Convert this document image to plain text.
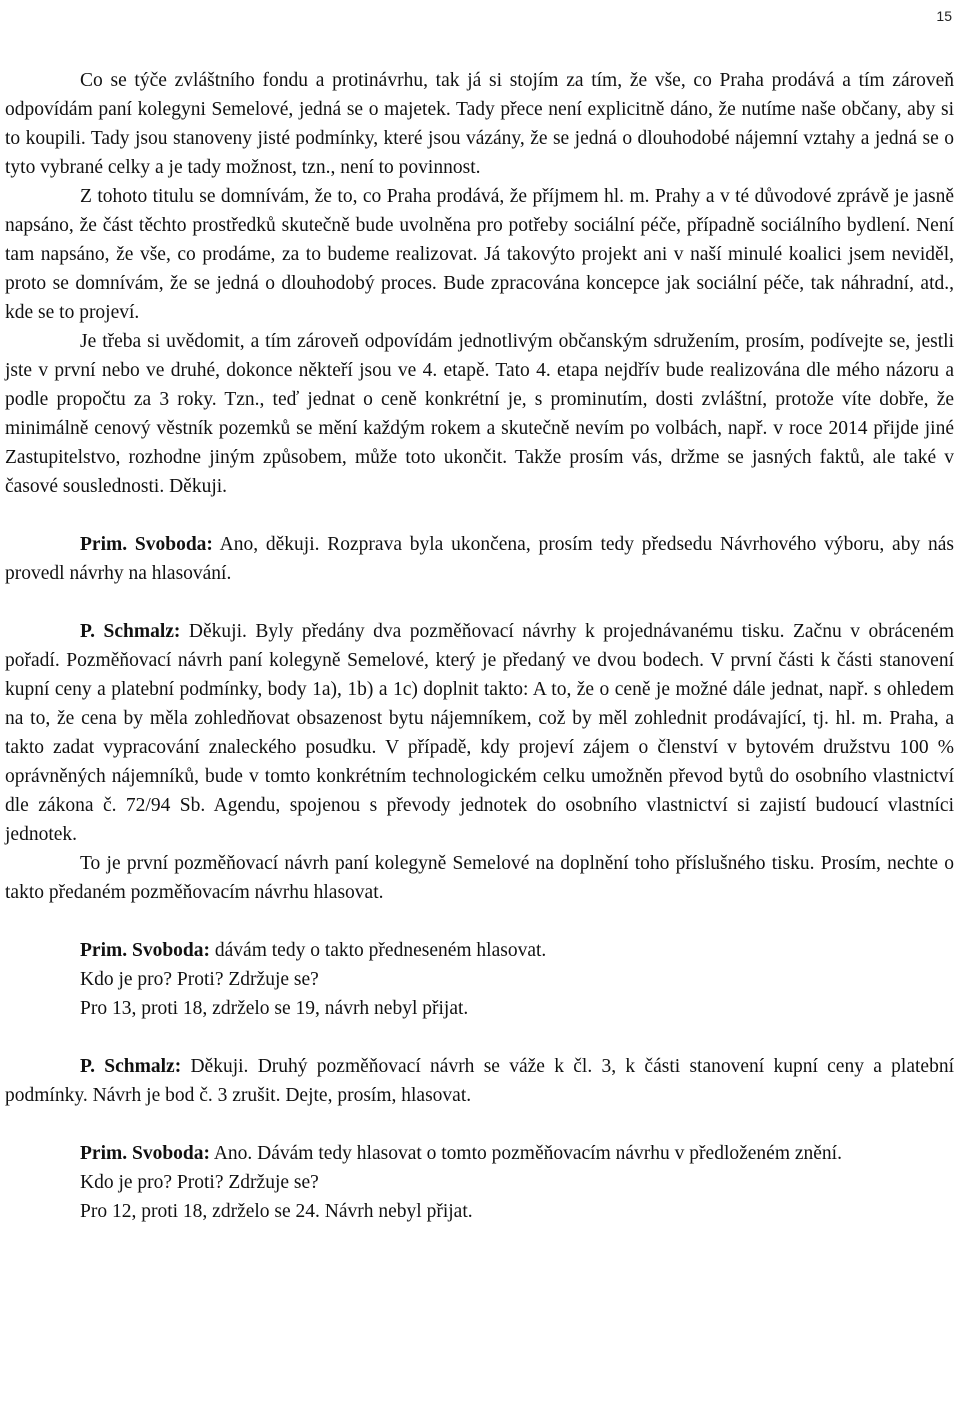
15

Co se týče zvláštního fondu a protinávrhu, tak já si stojím za tím, že vše, co Praha prodává a tím zároveň odpovídám paní kolegyni Semelové, jedná se o majetek. Tady přece není explicitně dáno, že nutíme naše občany, aby si to koupili. Tady jsou stanoveny jisté podmínky, které jsou vázány, že se jedná o dlouhodobé nájemní vztahy a jedná se o tyto vybrané celky a je tady možnost, tzn., není to povinnost.

Z tohoto titulu se domnívám, že to, co Praha prodává, že příjmem hl. m. Prahy a v té důvodové zprávě je jasně napsáno, že část těchto prostředků skutečně bude uvolněna pro potřeby sociální péče, případně sociálního bydlení. Není tam napsáno, že vše, co prodáme, za to budeme realizovat. Já takovýto projekt ani v naší minulé koalici jsem neviděl, proto se domnívám, že se jedná o dlouhodobý proces. Bude zpracována koncepce jak sociální péče, tak náhradní, atd., kde se to projeví.

Je třeba si uvědomit, a tím zároveň odpovídám jednotlivým občanským sdružením, prosím, podívejte se, jestli jste v první nebo ve druhé, dokonce někteří jsou ve 4. etapě. Tato 4. etapa nejdřív bude realizována dle mého názoru a podle propočtu za 3 roky. Tzn., teď jednat o ceně konkrétní je, s prominutím, dosti zvláštní, protože víte dobře, že minimálně cenový věstník pozemků se mění každým rokem a skutečně nevím po volbách, např. v roce 2014 přijde jiné Zastupitelstvo, rozhodne jiným způsobem, může toto ukončit. Takže prosím vás, držme se jasných faktů, ale také v časové souslednosti. Děkuji.

Prim. Svoboda: Ano, děkuji. Rozprava byla ukončena, prosím tedy předsedu Návrhového výboru, aby nás provedl návrhy na hlasování.

P. Schmalz: Děkuji. Byly předány dva pozměňovací návrhy k projednávanému tisku. Začnu v obráceném pořadí. Pozměňovací návrh paní kolegyně Semelové, který je předaný ve dvou bodech. V první části k části stanovení kupní ceny a platební podmínky, body 1a), 1b) a 1c) doplnit takto: A to, že o ceně je možné dále jednat, např. s ohledem na to, že cena by měla zohledňovat obsazenost bytu nájemníkem, což by měl zohlednit prodávající, tj. hl. m. Praha, a takto zadat vypracování znaleckého posudku. V případě, kdy projeví zájem o členství v bytovém družstvu 100 % oprávněných nájemníků, bude v tomto konkrétním technologickém celku umožněn převod bytů do osobního vlastnictví dle zákona č. 72/94 Sb. Agendu, spojenou s převody jednotek do osobního vlastnictví si zajistí budoucí vlastníci jednotek.

To je první pozměňovací návrh paní kolegyně Semelové na doplnění toho příslušného tisku. Prosím, nechte o takto předaném pozměňovacím návrhu hlasovat.

Prim. Svoboda: dávám tedy o takto předneseném hlasovat.

Kdo je pro? Proti? Zdržuje se?

Pro 13, proti 18, zdrželo se 19, návrh nebyl přijat.

P. Schmalz: Děkuji. Druhý pozměňovací návrh se váže k čl. 3, k části stanovení kupní ceny a platební podmínky. Návrh je bod č. 3 zrušit. Dejte, prosím, hlasovat.

Prim. Svoboda: Ano. Dávám tedy hlasovat o tomto pozměňovacím návrhu v předloženém znění.

Kdo je pro? Proti? Zdržuje se?

Pro 12, proti 18, zdrželo se 24. Návrh nebyl přijat.
